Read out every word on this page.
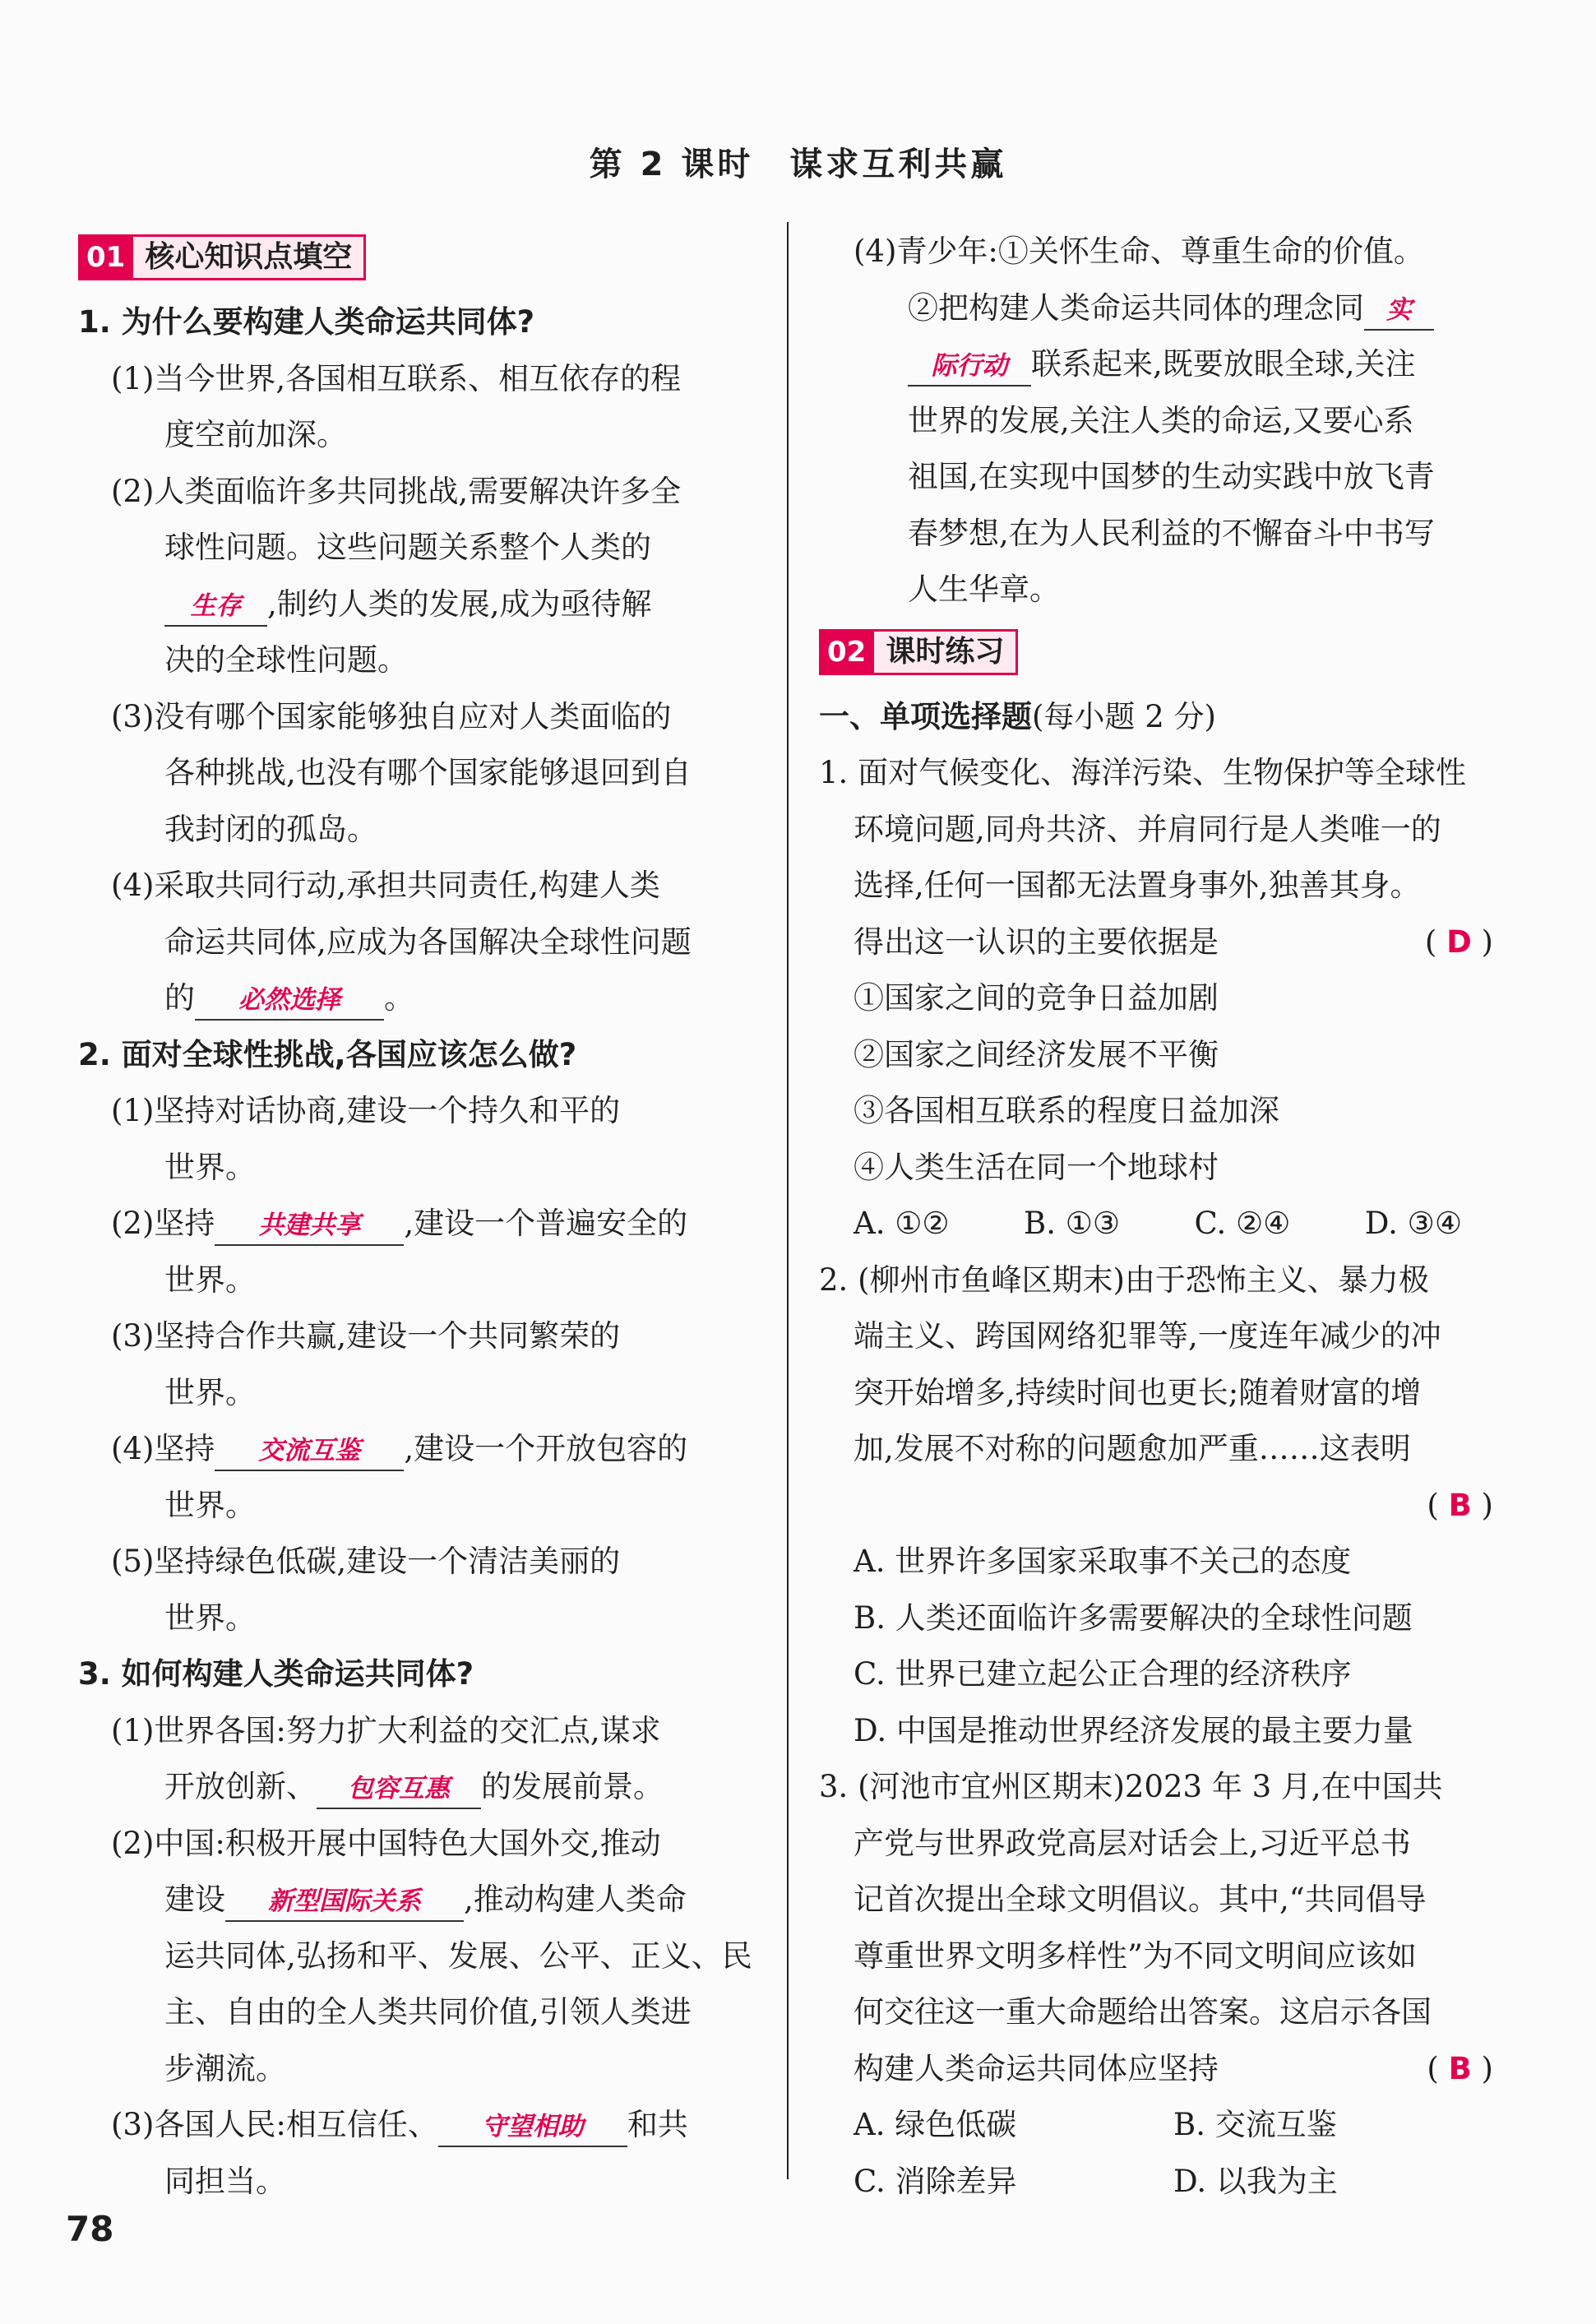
第 2 课时　谋求互利共赢
01 核心知识点填空
1. 为什么要构建人类命运共同体?
(1)当今世界,各国相互联系、相互依存的程
度空前加深。
(2)人类面临许多共同挑战,需要解决许多全
球性问题。这些问题关系整个人类的
生存 ,制约人类的发展,成为亟待解
决的全球性问题。
(3)没有哪个国家能够独自应对人类面临的
各种挑战,也没有哪个国家能够退回到自
我封闭的孤岛。
(4)采取共同行动,承担共同责任,构建人类
命运共同体,应成为各国解决全球性问题
的 必然选择 。
2. 面对全球性挑战,各国应该怎么做?
(1)坚持对话协商,建设一个持久和平的
世界。
(2)坚持 共建共享 ,建设一个普遍安全的
世界。
(3)坚持合作共赢,建设一个共同繁荣的
世界。
(4)坚持 交流互鉴 ,建设一个开放包容的
世界。
(5)坚持绿色低碳,建设一个清洁美丽的
世界。
3. 如何构建人类命运共同体?
(1)世界各国:努力扩大利益的交汇点,谋求
开放创新、 包容互惠 的发展前景。
(2)中国:积极开展中国特色大国外交,推动
建设 新型国际关系 ,推动构建人类命
运共同体,弘扬和平、发展、公平、正义、民
主、自由的全人类共同价值,引领人类进
步潮流。
(3)各国人民:相互信任、 守望相助 和共
同担当。
(4)青少年:①关怀生命、尊重生命的价值。
②把构建人类命运共同体的理念同 实
际行动 联系起来,既要放眼全球,关注
世界的发展,关注人类的命运,又要心系
祖国,在实现中国梦的生动实践中放飞青
春梦想,在为人民利益的不懈奋斗中书写
人生华章。
02 课时练习
一、单项选择题(每小题 2 分)
1. 面对气候变化、海洋污染、生物保护等全球性
环境问题,同舟共济、并肩同行是人类唯一的
选择,任何一国都无法置身事外,独善其身。
得出这一认识的主要依据是	( D )
①国家之间的竞争日益加剧
②国家之间经济发展不平衡
③各国相互联系的程度日益加深
④人类生活在同一个地球村
A. ①② B. ①③ C. ②④ D. ③④
2. (柳州市鱼峰区期末)由于恐怖主义、暴力极
端主义、跨国网络犯罪等,一度连年减少的冲
突开始增多,持续时间也更长;随着财富的增
加,发展不对称的问题愈加严重……这表明
( B )
A. 世界许多国家采取事不关己的态度
B. 人类还面临许多需要解决的全球性问题
C. 世界已建立起公正合理的经济秩序
D. 中国是推动世界经济发展的最主要力量
3. (河池市宜州区期末)2023 年 3 月,在中国共
产党与世界政党高层对话会上,习近平总书
记首次提出全球文明倡议。其中,“共同倡导
尊重世界文明多样性”为不同文明间应该如
何交往这一重大命题给出答案。这启示各国
构建人类命运共同体应坚持	( B )
A. 绿色低碳	B. 交流互鉴
C. 消除差异	D. 以我为主
78
